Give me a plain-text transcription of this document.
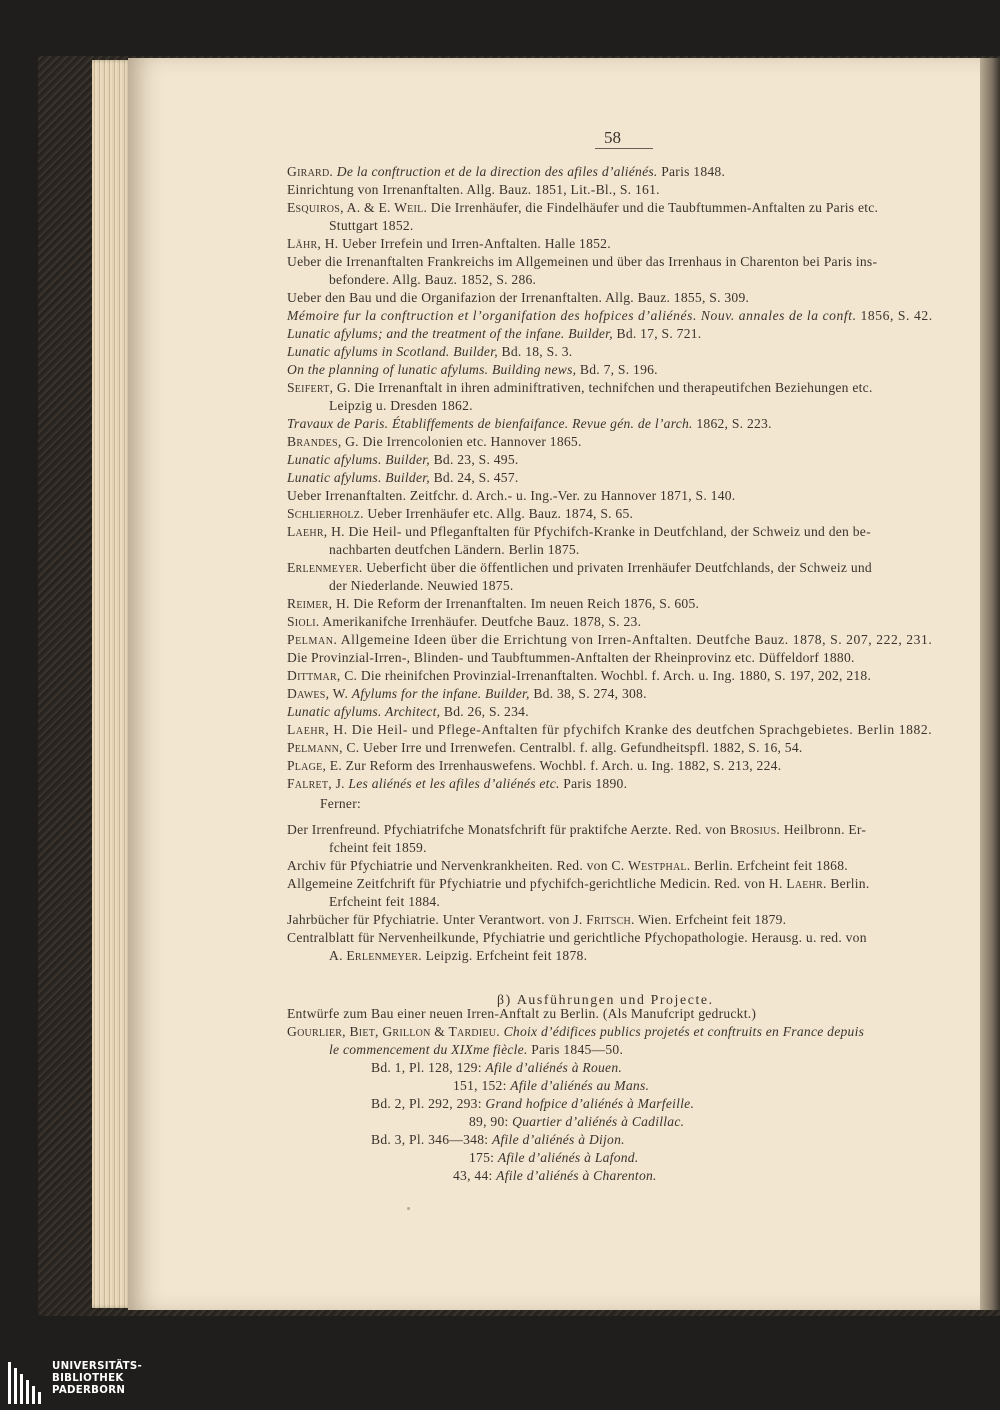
58
Girard. De la conftruction et de la direction des afiles d’aliénés. Paris 1848.
Einrichtung von Irrenanftalten. Allg. Bauz. 1851, Lit.-Bl., S. 161.
Esquiros, A. & E. Weil. Die Irrenhäufer, die Findelhäufer und die Taubftummen-Anftalten zu Paris etc.
Stuttgart 1852.
Lähr, H. Ueber Irrefein und Irren-Anftalten. Halle 1852.
Ueber die Irrenanftalten Frankreichs im Allgemeinen und über das Irrenhaus in Charenton bei Paris ins-
befondere. Allg. Bauz. 1852, S. 286.
Ueber den Bau und die Organifazion der Irrenanftalten. Allg. Bauz. 1855, S. 309.
Mémoire fur la conftruction et l’organifation des hofpices d’aliénés. Nouv. annales de la conft. 1856, S. 42.
Lunatic afylums; and the treatment of the infane. Builder, Bd. 17, S. 721.
Lunatic afylums in Scotland. Builder, Bd. 18, S. 3.
On the planning of lunatic afylums. Building news, Bd. 7, S. 196.
Seifert, G. Die Irrenanftalt in ihren adminiftrativen, technifchen und therapeutifchen Beziehungen etc.
Leipzig u. Dresden 1862.
Travaux de Paris. Établiffements de bienfaifance. Revue gén. de l’arch. 1862, S. 223.
Brandes, G. Die Irrencolonien etc. Hannover 1865.
Lunatic afylums. Builder, Bd. 23, S. 495.
Lunatic afylums. Builder, Bd. 24, S. 457.
Ueber Irrenanftalten. Zeitfchr. d. Arch.- u. Ing.-Ver. zu Hannover 1871, S. 140.
Schlierholz. Ueber Irrenhäufer etc. Allg. Bauz. 1874, S. 65.
Laehr, H. Die Heil- und Pfleganftalten für Pfychifch-Kranke in Deutfchland, der Schweiz und den be-
nachbarten deutfchen Ländern. Berlin 1875.
Erlenmeyer. Ueberficht über die öffentlichen und privaten Irrenhäufer Deutfchlands, der Schweiz und
der Niederlande. Neuwied 1875.
Reimer, H. Die Reform der Irrenanftalten. Im neuen Reich 1876, S. 605.
Sioli. Amerikanifche Irrenhäufer. Deutfche Bauz. 1878, S. 23.
Pelman. Allgemeine Ideen über die Errichtung von Irren-Anftalten. Deutfche Bauz. 1878, S. 207, 222, 231.
Die Provinzial-Irren-, Blinden- und Taubftummen-Anftalten der Rheinprovinz etc. Düffeldorf 1880.
Dittmar, C. Die rheinifchen Provinzial-Irrenanftalten. Wochbl. f. Arch. u. Ing. 1880, S. 197, 202, 218.
Dawes, W. Afylums for the infane. Builder, Bd. 38, S. 274, 308.
Lunatic afylums. Architect, Bd. 26, S. 234.
Laehr, H. Die Heil- und Pflege-Anftalten für pfychifch Kranke des deutfchen Sprachgebietes. Berlin 1882.
Pelmann, C. Ueber Irre und Irrenwefen. Centralbl. f. allg. Gefundheitspfl. 1882, S. 16, 54.
Plage, E. Zur Reform des Irrenhauswefens. Wochbl. f. Arch. u. Ing. 1882, S. 213, 224.
Falret, J. Les aliénés et les afiles d’aliénés etc. Paris 1890.
Ferner:
Der Irrenfreund. Pfychiatrifche Monatsfchrift für praktifche Aerzte. Red. von Brosius. Heilbronn. Er-
fcheint feit 1859.
Archiv für Pfychiatrie und Nervenkrankheiten. Red. von C. Westphal. Berlin. Erfcheint feit 1868.
Allgemeine Zeitfchrift für Pfychiatrie und pfychifch-gerichtliche Medicin. Red. von H. Laehr. Berlin.
Erfcheint feit 1884.
Jahrbücher für Pfychiatrie. Unter Verantwort. von J. Fritsch. Wien. Erfcheint feit 1879.
Centralblatt für Nervenheilkunde, Pfychiatrie und gerichtliche Pfychopathologie. Herausg. u. red. von
A. Erlenmeyer. Leipzig. Erfcheint feit 1878.
Entwürfe zum Bau einer neuen Irren-Anftalt zu Berlin. (Als Manufcript gedruckt.)
Gourlier, Biet, Grillon & Tardieu. Choix d’édifices publics projetés et conftruits en France depuis
le commencement du XIXme fiècle. Paris 1845—50.
Bd. 1, Pl. 128, 129: Afile d’aliénés à Rouen.
151, 152: Afile d’aliénés au Mans.
Bd. 2, Pl. 292, 293: Grand hofpice d’aliénés à Marfeille.
89, 90: Quartier d’aliénés à Cadillac.
Bd. 3, Pl. 346—348: Afile d’aliénés à Dijon.
175: Afile d’aliénés à Lafond.
43, 44: Afile d’aliénés à Charenton.
β) Ausführungen und Projecte.
UNIVERSITÄTS-
BIBLIOTHEK
PADERBORN
